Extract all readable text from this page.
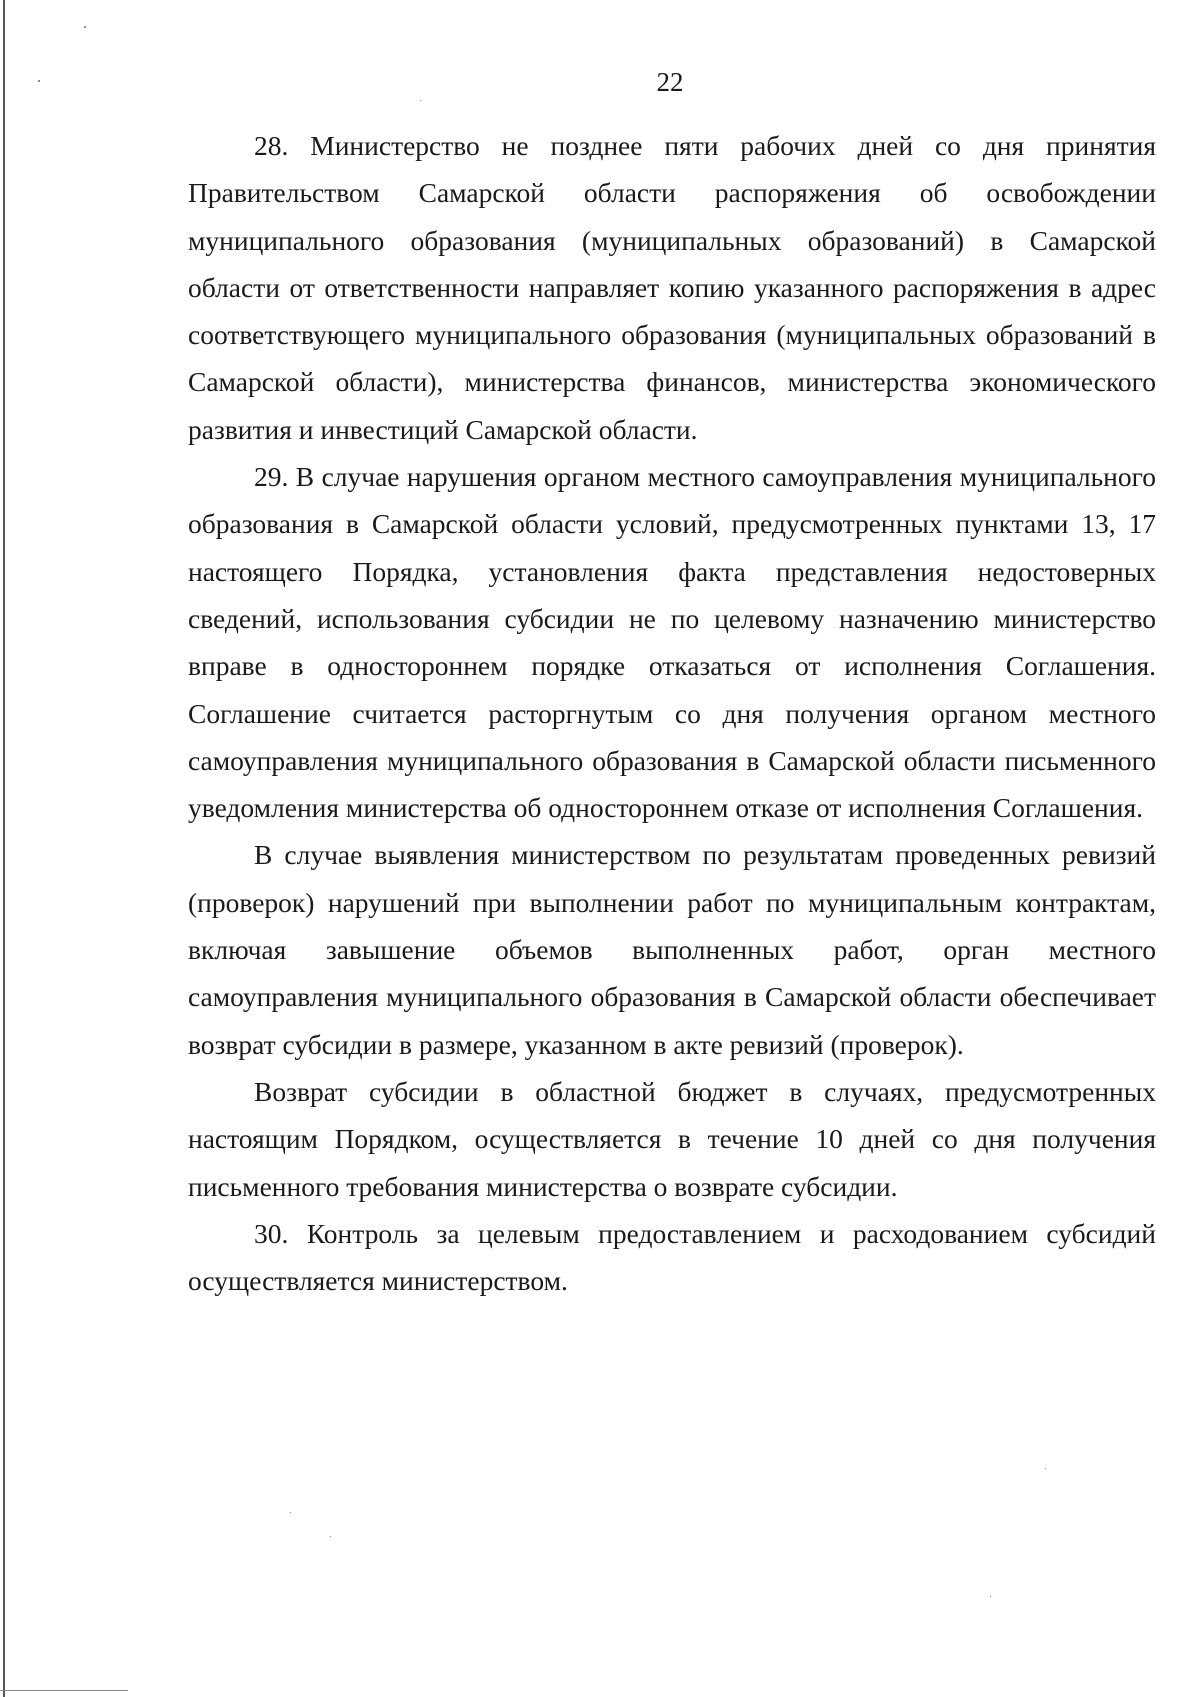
22

28. Министерство не позднее пяти рабочих дней со дня принятия Правительством Самарской области распоряжения об освобождении муниципального образования (муниципальных образований) в Самарской области от ответственности направляет копию указанного распоряжения в адрес соответствующего муниципального образования (муниципальных образований в Самарской области), министерства финансов, министерства экономического развития и инвестиций Самарской области.

29. В случае нарушения органом местного самоуправления муниципального образования в Самарской области условий, предусмотренных пунктами 13, 17 настоящего Порядка, установления факта представления недостоверных сведений, использования субсидии не по целевому назначению министерство вправе в одностороннем порядке отказаться от исполнения Соглашения. Соглашение считается расторгнутым со дня получения органом местного самоуправления муниципального образования в Самарской области письменного уведомления министерства об одностороннем отказе от исполнения Соглашения.

В случае выявления министерством по результатам проведенных ревизий (проверок) нарушений при выполнении работ по муниципальным контрактам, включая завышение объемов выполненных работ, орган местного самоуправления муниципального образования в Самарской области обеспечивает возврат субсидии в размере, указанном в акте ревизий (проверок).

Возврат субсидии в областной бюджет в случаях, предусмотренных настоящим Порядком, осуществляется в течение 10 дней со дня получения письменного требования министерства о возврате субсидии.

30. Контроль за целевым предоставлением и расходованием субсидий осуществляется министерством.
